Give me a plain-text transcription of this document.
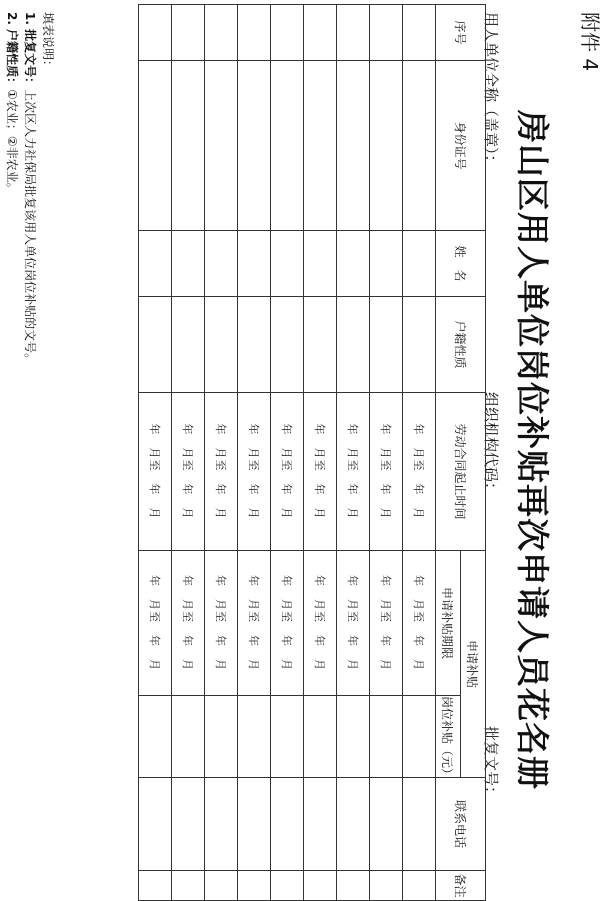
附件 4
房山区用人单位岗位补贴再次申请人员花名册
用人单位全称（盖章）：
组织机构代码：
批复文号：
序号	身份证号	姓　名	户籍性质	劳动合同起止时间	申请补贴		联系电话	备注
					申请补贴期限	岗位补贴（元）		
				年　月至　年　月	年　月至　年　月			
				年　月至　年　月	年　月至　年　月			
				年　月至　年　月	年　月至　年　月			
				年　月至　年　月	年　月至　年　月			
				年　月至　年　月	年　月至　年　月			
				年　月至　年　月	年　月至　年　月			
				年　月至　年　月	年　月至　年　月			
				年　月至　年　月	年　月至　年　月			
				年　月至　年　月	年　月至　年　月			
填表说明：
1. 批复文号：上次区人力社保局批复该用人单位岗位补贴的文号。
2. 户籍性质：①农业；②非农业。
